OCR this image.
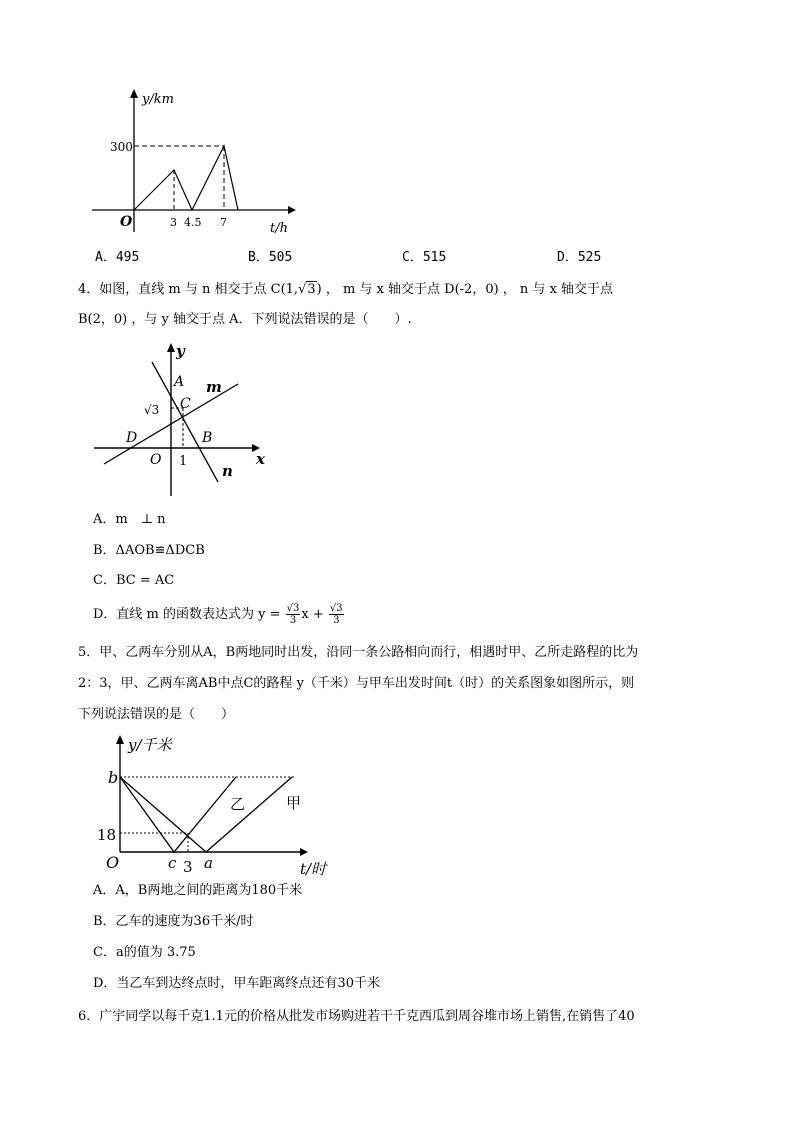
y/km
300
O	3 4.5 7	t/h
A．495	B．505	C．515	D．525
4．如图，直线 m 与 n 相交于点 C(1,√3) ， m 与 x 轴交于点 D(-2，0) ， n 与 x 轴交于点
B(2，0) ，与 y 轴交于点 A．下列说法错误的是（　　）.
y
A m
C
√3
D	B
O 1
n
x
A．m　⊥ n
B．ΔAOB≌ΔDCB
C．BC = AC
D．直线 m 的函数表达式为 $y = \frac{√3}{3}$ $x + \frac{√3}{3}$
5．甲、乙两车分别从A，B两地同时出发，沿同一条公路相向而行，相遇时甲、乙所走路程的比为
2：3，甲、乙两车离AB中点C的路程 y（千米）与甲车出发时间t（时）的关系图象如图所示，则
下列说法错误的是（　　）
y/千米
b
18
O	c 3 a
乙	甲
t/时
A．A，B两地之间的距离为180千米
B．乙车的速度为36千米/时
C．a的值为 3.75
D．当乙车到达终点时，甲车距离终点还有30千米
6．广宇同学以每千克1.1元的价格从批发市场购进若干千克西瓜到周谷堆市场上销售,在销售了40
